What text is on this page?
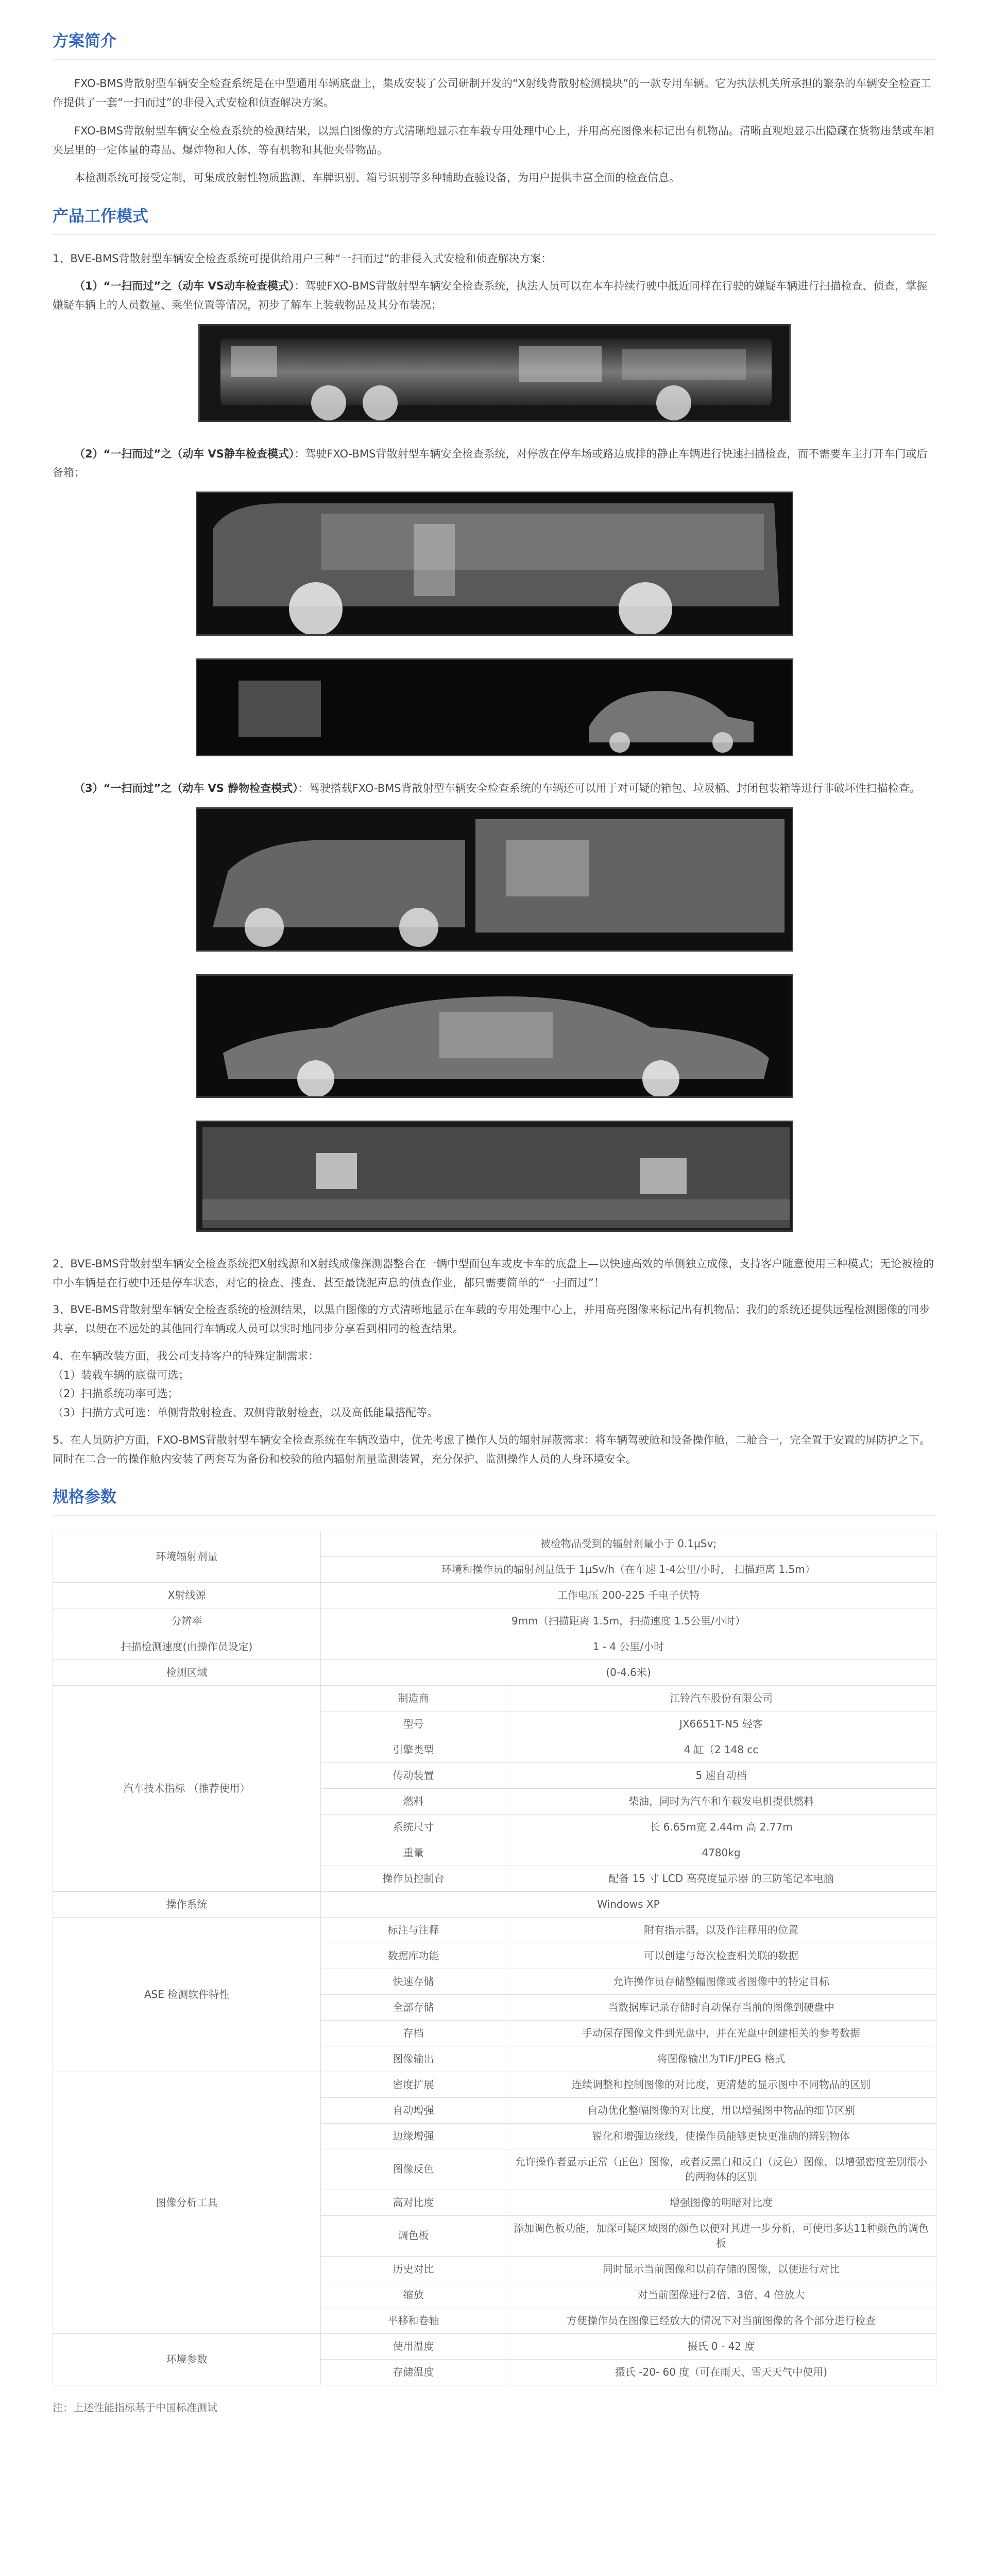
方案简介

FXO-BMS背散射型车辆安全检查系统是在中型通用车辆底盘上，集成安装了公司研制开发的“X射线背散射检测模块”的一款专用车辆。它为执法机关所承担的繁杂的车辆安全检查工作提供了一套“一扫而过”的非侵入式安检和侦查解决方案。

FXO-BMS背散射型车辆安全检查系统的检测结果，以黑白图像的方式清晰地显示在车载专用处理中心上，并用高亮图像来标记出有机物品。清晰直观地显示出隐藏在货物违禁或车厢夹层里的一定体量的毒品、爆炸物和人体、等有机物和其他夹带物品。

本检测系统可接受定制，可集成放射性物质监测、车牌识别、箱号识别等多种辅助查验设备，为用户提供丰富全面的检查信息。

产品工作模式

1、BVE-BMS背散射型车辆安全检查系统可提供给用户三种“一扫而过”的非侵入式安检和侦查解决方案：

（1）“一扫而过”之（动车 VS动车检查模式）：驾驶FXO-BMS背散射型车辆安全检查系统，执法人员可以在本车持续行驶中抵近同样在行驶的嫌疑车辆进行扫描检查、侦查，掌握嫌疑车辆上的人员数量、乘坐位置等情况，初步了解车上装载物品及其分布装况；

（2）“一扫而过”之（动车 VS静车检查模式）：驾驶FXO-BMS背散射型车辆安全检查系统，对停放在停车场或路边成排的静止车辆进行快速扫描检查，而不需要车主打开车门或后备箱；

（3）“一扫而过”之（动车 VS 静物检查模式）：驾驶搭载FXO-BMS背散射型车辆安全检查系统的车辆还可以用于对可疑的箱包、垃圾桶、封闭包装箱等进行非破坏性扫描检查。

2、BVE-BMS背散射型车辆安全检查系统把X射线源和X射线成像探测器整合在一辆中型面包车或皮卡车的底盘上—以快速高效的单侧独立成像，支持客户随意使用三种模式；无论被检的中小车辆是在行驶中还是停车状态，对它的检查、搜查、甚至最饶泥声息的侦查作业，都只需要简单的“一扫而过”！

3、BVE-BMS背散射型车辆安全检查系统的检测结果，以黑白图像的方式清晰地显示在车载的专用处理中心上，并用高亮图像来标记出有机物品；我们的系统还提供远程检测图像的同步共享，以便在不远处的其他同行车辆或人员可以实时地同步分享看到相同的检查结果。

4、在车辆改装方面，我公司支持客户的特殊定制需求：

（1）装载车辆的底盘可选；
（2）扫描系统功率可选；
（3）扫描方式可选：单侧背散射检查、双侧背散射检查，以及高低能量搭配等。

5、在人员防护方面，FXO-BMS背散射型车辆安全检查系统在车辆改造中，优先考虑了操作人员的辐射屏蔽需求：将车辆驾驶舱和设备操作舱，二舱合一，完全置于安置的屏防护之下。同时在二合一的操作舱内安装了两套互为备份和校验的舱内辐射剂量监测装置，充分保护、监测操作人员的人身环境安全。

规格参数
环境辐射剂量	被检物品受到的辐射剂量小于 0.1μSv;	
	环境和操作员的辐射剂量低于 1μSv/h（在车速 1-4公里/小时， 扫描距离 1.5m）	
X射线源	工作电压 200-225 千电子伏特	
分辨率	9mm（扫描距离 1.5m，扫描速度 1.5公里/小时）	
扫描检测速度(由操作员设定)	1 - 4 公里/小时	
检测区域	(0-4.6米)	
汽车技术指标 （推荐使用）	制造商	江铃汽车股份有限公司
	型号	JX6651T-N5 轻客
	引擎类型	4 缸（2 148 cc
	传动装置	5 速自动档
	燃料	柴油，同时为汽车和车载发电机提供燃料
	系统尺寸	长 6.65m宽 2.44m 高 2.77m
	重量	4780kg
	操作员控制台	配备 15 寸 LCD 高亮度显示器 的三防笔记本电脑
操作系统	Windows XP	
ASE 检测软件特性	标注与注释	附有指示器，以及作注释用的位置
	数据库功能	可以创建与每次检查相关联的数据
	快速存储	允许操作员存储整幅图像或者图像中的特定目标
	全部存储	当数据库记录存储时自动保存当前的图像到硬盘中
	存档	手动保存图像文件到光盘中，并在光盘中创建相关的参考数据
	图像输出	将图像输出为TIF/JPEG 格式
图像分析工具	密度扩展	连续调整和控制图像的对比度，更清楚的显示图中不同物品的区别
	自动增强	自动优化整幅图像的对比度，用以增强图中物品的细节区别
	边缘增强	锐化和增强边缘线，使操作员能够更快更准确的辨别物体
	图像反色	允许操作者显示正常（正色）图像，或者反黑白和反白（反色）图像，以增强密度差别很小的两物体的区别
	高对比度	增强图像的明暗对比度
	调色板	添加调色板功能，加深可疑区域图的颜色以便对其进一步分析，可使用多达11种颜色的调色板
	历史对比	同时显示当前图像和以前存储的图像，以便进行对比
	缩放	对当前图像进行2倍、3倍、4 倍放大
	平移和卷轴	方便操作员在图像已经放大的情况下对当前图像的各个部分进行检查
环境参数	使用温度	摄氏 0 - 42 度
	存储温度	摄氏 -20- 60 度（可在雨天、雪天天气中使用)

注：上述性能指标基于中国标准测试
